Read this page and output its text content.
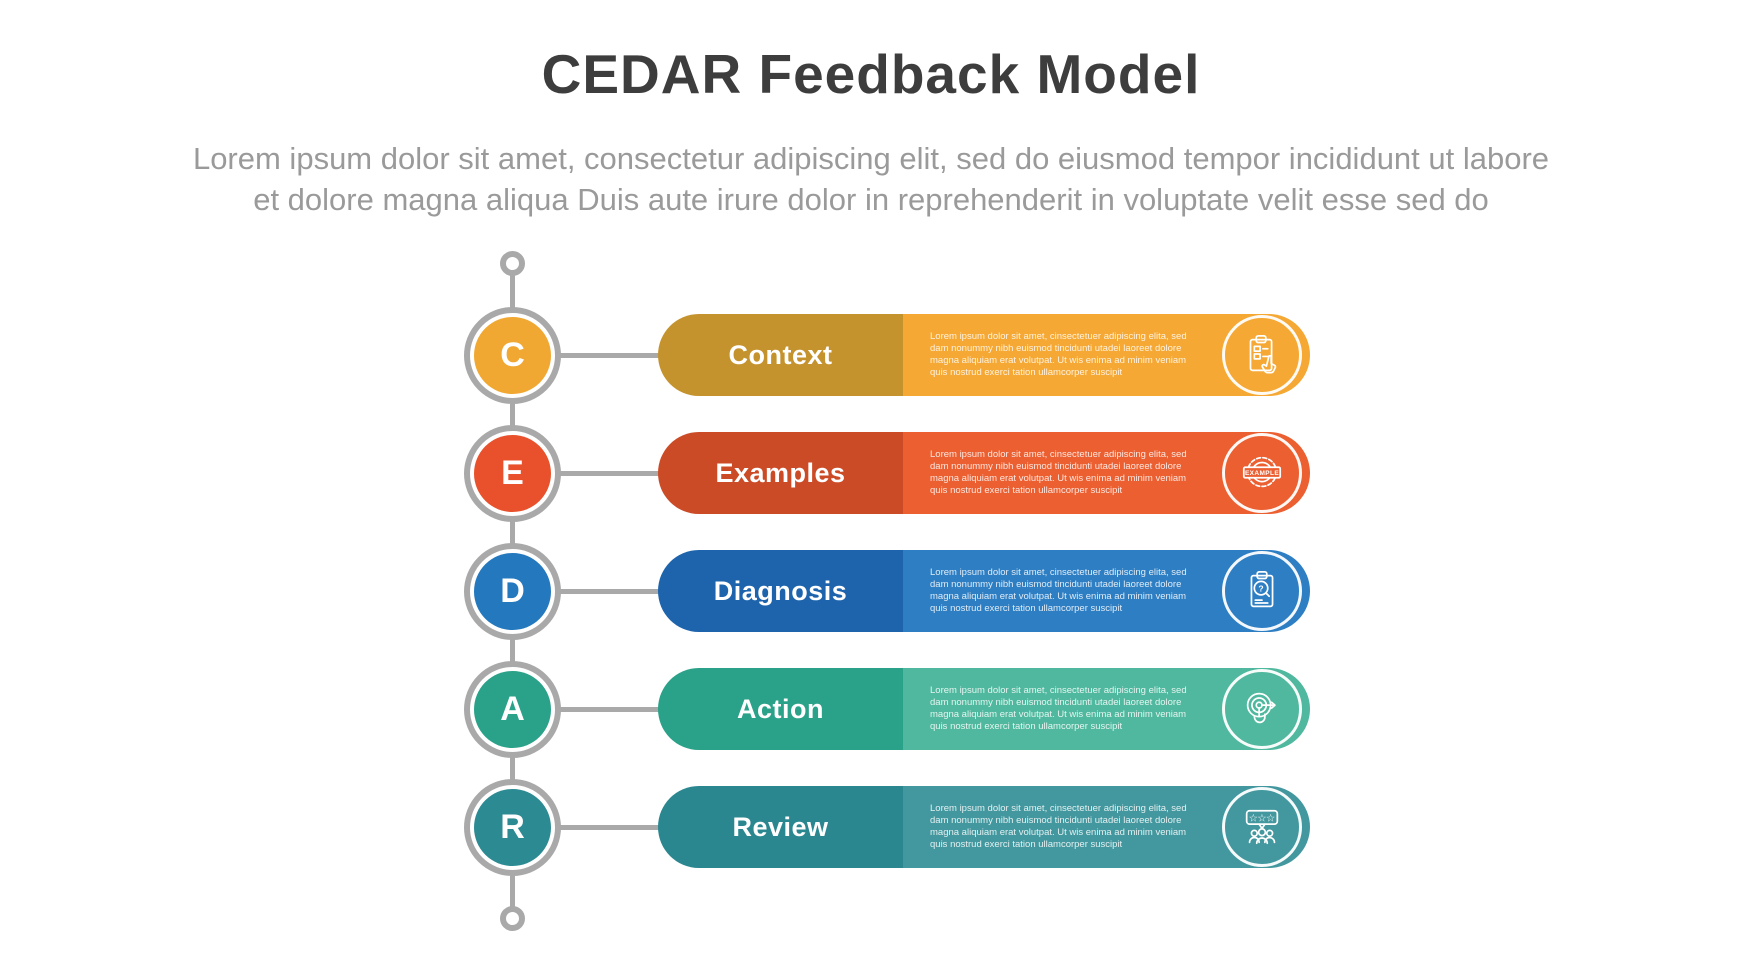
CEDAR Feedback Model
Lorem ipsum dolor sit amet, consectetur adipiscing elit, sed do eiusmod tempor incididunt ut labore
et dolore magna aliqua Duis aute irure dolor in reprehenderit in voluptate velit esse sed do
C	Context
Lorem ipsum dolor sit amet, cinsectetuer adipiscing elita, sed dam nonummy nibh euismod tincidunti utadei laoreet dolore magna aliquiam erat volutpat. Ut wis enima ad minim veniam quis nostrud exerci tation ullamcorper suscipit
E	Examples
Lorem ipsum dolor sit amet, cinsectetuer adipiscing elita, sed dam nonummy nibh euismod tincidunti utadei laoreet dolore magna aliquiam erat volutpat. Ut wis enima ad minim veniam quis nostrud exerci tation ullamcorper suscipit
EXAMPLE
D	Diagnosis
Lorem ipsum dolor sit amet, cinsectetuer adipiscing elita, sed dam nonummy nibh euismod tincidunti utadei laoreet dolore magna aliquiam erat volutpat. Ut wis enima ad minim veniam quis nostrud exerci tation ullamcorper suscipit
?
A	Action
Lorem ipsum dolor sit amet, cinsectetuer adipiscing elita, sed dam nonummy nibh euismod tincidunti utadei laoreet dolore magna aliquiam erat volutpat. Ut wis enima ad minim veniam quis nostrud exerci tation ullamcorper suscipit
R	Review
Lorem ipsum dolor sit amet, cinsectetuer adipiscing elita, sed dam nonummy nibh euismod tincidunti utadei laoreet dolore magna aliquiam erat volutpat. Ut wis enima ad minim veniam quis nostrud exerci tation ullamcorper suscipit
☆ ☆ ☆
